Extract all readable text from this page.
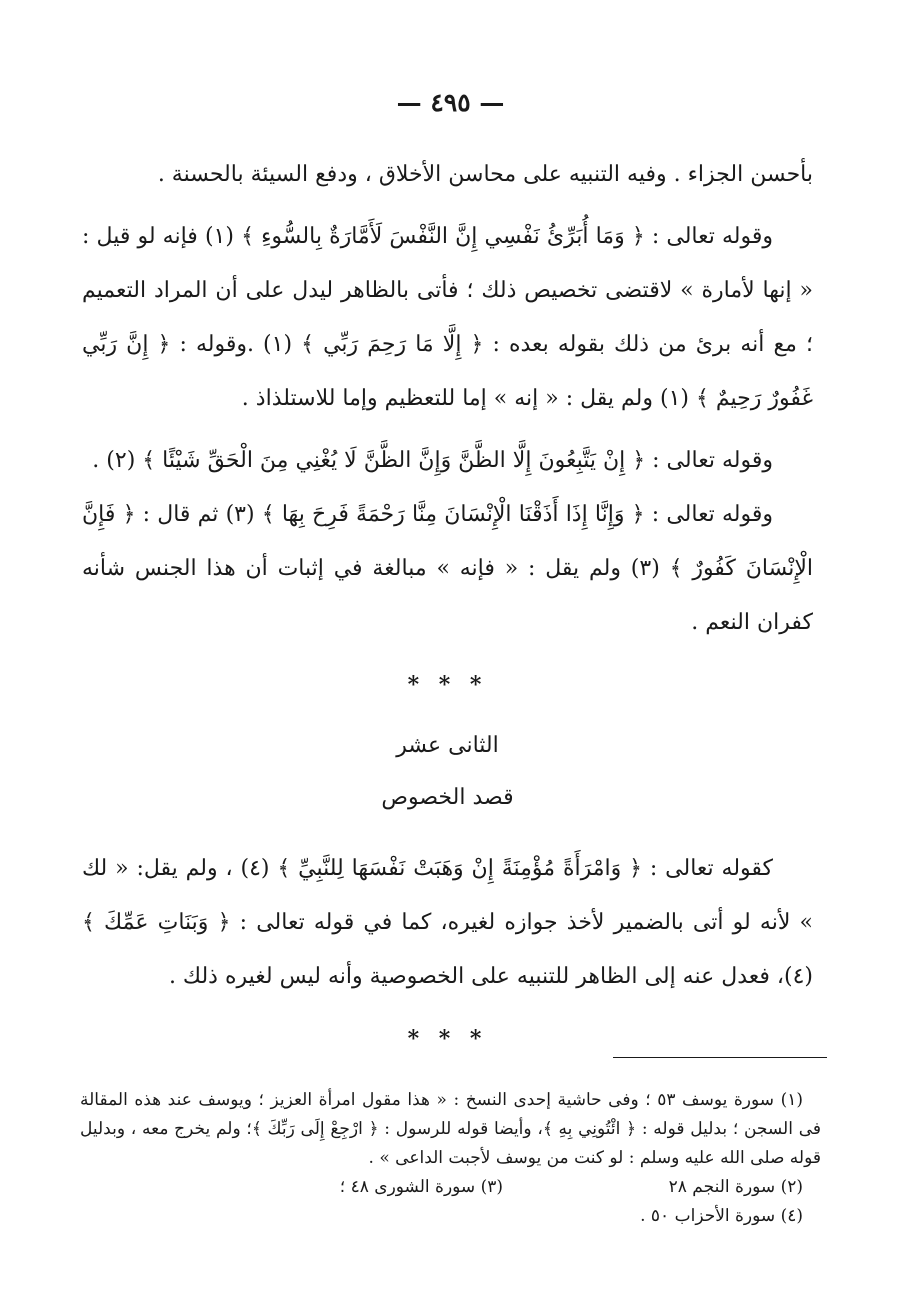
— ٤٩٥ —

بأحسن الجزاء . وفيه التنبيه على محاسن الأخلاق ، ودفع السيئة بالحسنة .

وقوله تعالى : ﴿ وَمَا أُبَرِّئُ نَفْسِي إِنَّ النَّفْسَ لَأَمَّارَةٌ بِالسُّوءِ ﴾ (١) فإنه لو قيل : « إنها لأمارة » لاقتضى تخصيص ذلك ؛ فأتى بالظاهر ليدل على أن المراد التعميم ؛ مع أنه برئ من ذلك بقوله بعده : ﴿ إِلَّا مَا رَحِمَ رَبِّي ﴾ (١) .وقوله : ﴿ إِنَّ رَبِّي غَفُورٌ رَحِيمٌ ﴾ (١) ولم يقل : « إنه » إما للتعظيم وإما للاستلذاذ .

وقوله تعالى : ﴿ إِنْ يَتَّبِعُونَ إِلَّا الظَّنَّ وَإِنَّ الظَّنَّ لَا يُغْنِي مِنَ الْحَقِّ شَيْئًا ﴾ (٢) .

وقوله تعالى : ﴿ وَإِنَّا إِذَا أَذَقْنَا الْإِنْسَانَ مِنَّا رَحْمَةً فَرِحَ بِهَا ﴾ (٣) ثم قال : ﴿ فَإِنَّ الْإِنْسَانَ كَفُورٌ ﴾ (٣) ولم يقل : « فإنه » مبالغة في إثبات أن هذا الجنس شأنه كفران النعم .

* * *

الثانى عشر

قصد الخصوص

كقوله تعالى : ﴿ وَامْرَأَةً مُؤْمِنَةً إِنْ وَهَبَتْ نَفْسَهَا لِلنَّبِيِّ ﴾ (٤) ، ولم يقل: « لك » لأنه لو أتى بالضمير لأخذ جوازه لغيره، كما في قوله تعالى : ﴿ وَبَنَاتِ عَمِّكَ ﴾ (٤)، فعدل عنه إلى الظاهر للتنبيه على الخصوصية وأنه ليس لغيره ذلك .

* * *

(١) سورة يوسف ٥٣ ؛ وفى حاشية إحدى النسخ : « هذا مقول امرأة العزيز ؛ ويوسف عند هذه المقالة فى السجن ؛ بدليل قوله : ﴿ ائْتُونِي بِهِ ﴾، وأيضا قوله للرسول : ﴿ ارْجِعْ إِلَى رَبِّكَ ﴾؛ ولم يخرج معه ، وبدليل قوله صلى الله عليه وسلم : لو كنت من يوسف لأجبت الداعى » .

(٢) سورة النجم ٢٨
(٣) سورة الشورى ٤٨ ؛

(٤) سورة الأحزاب ٥٠ .
